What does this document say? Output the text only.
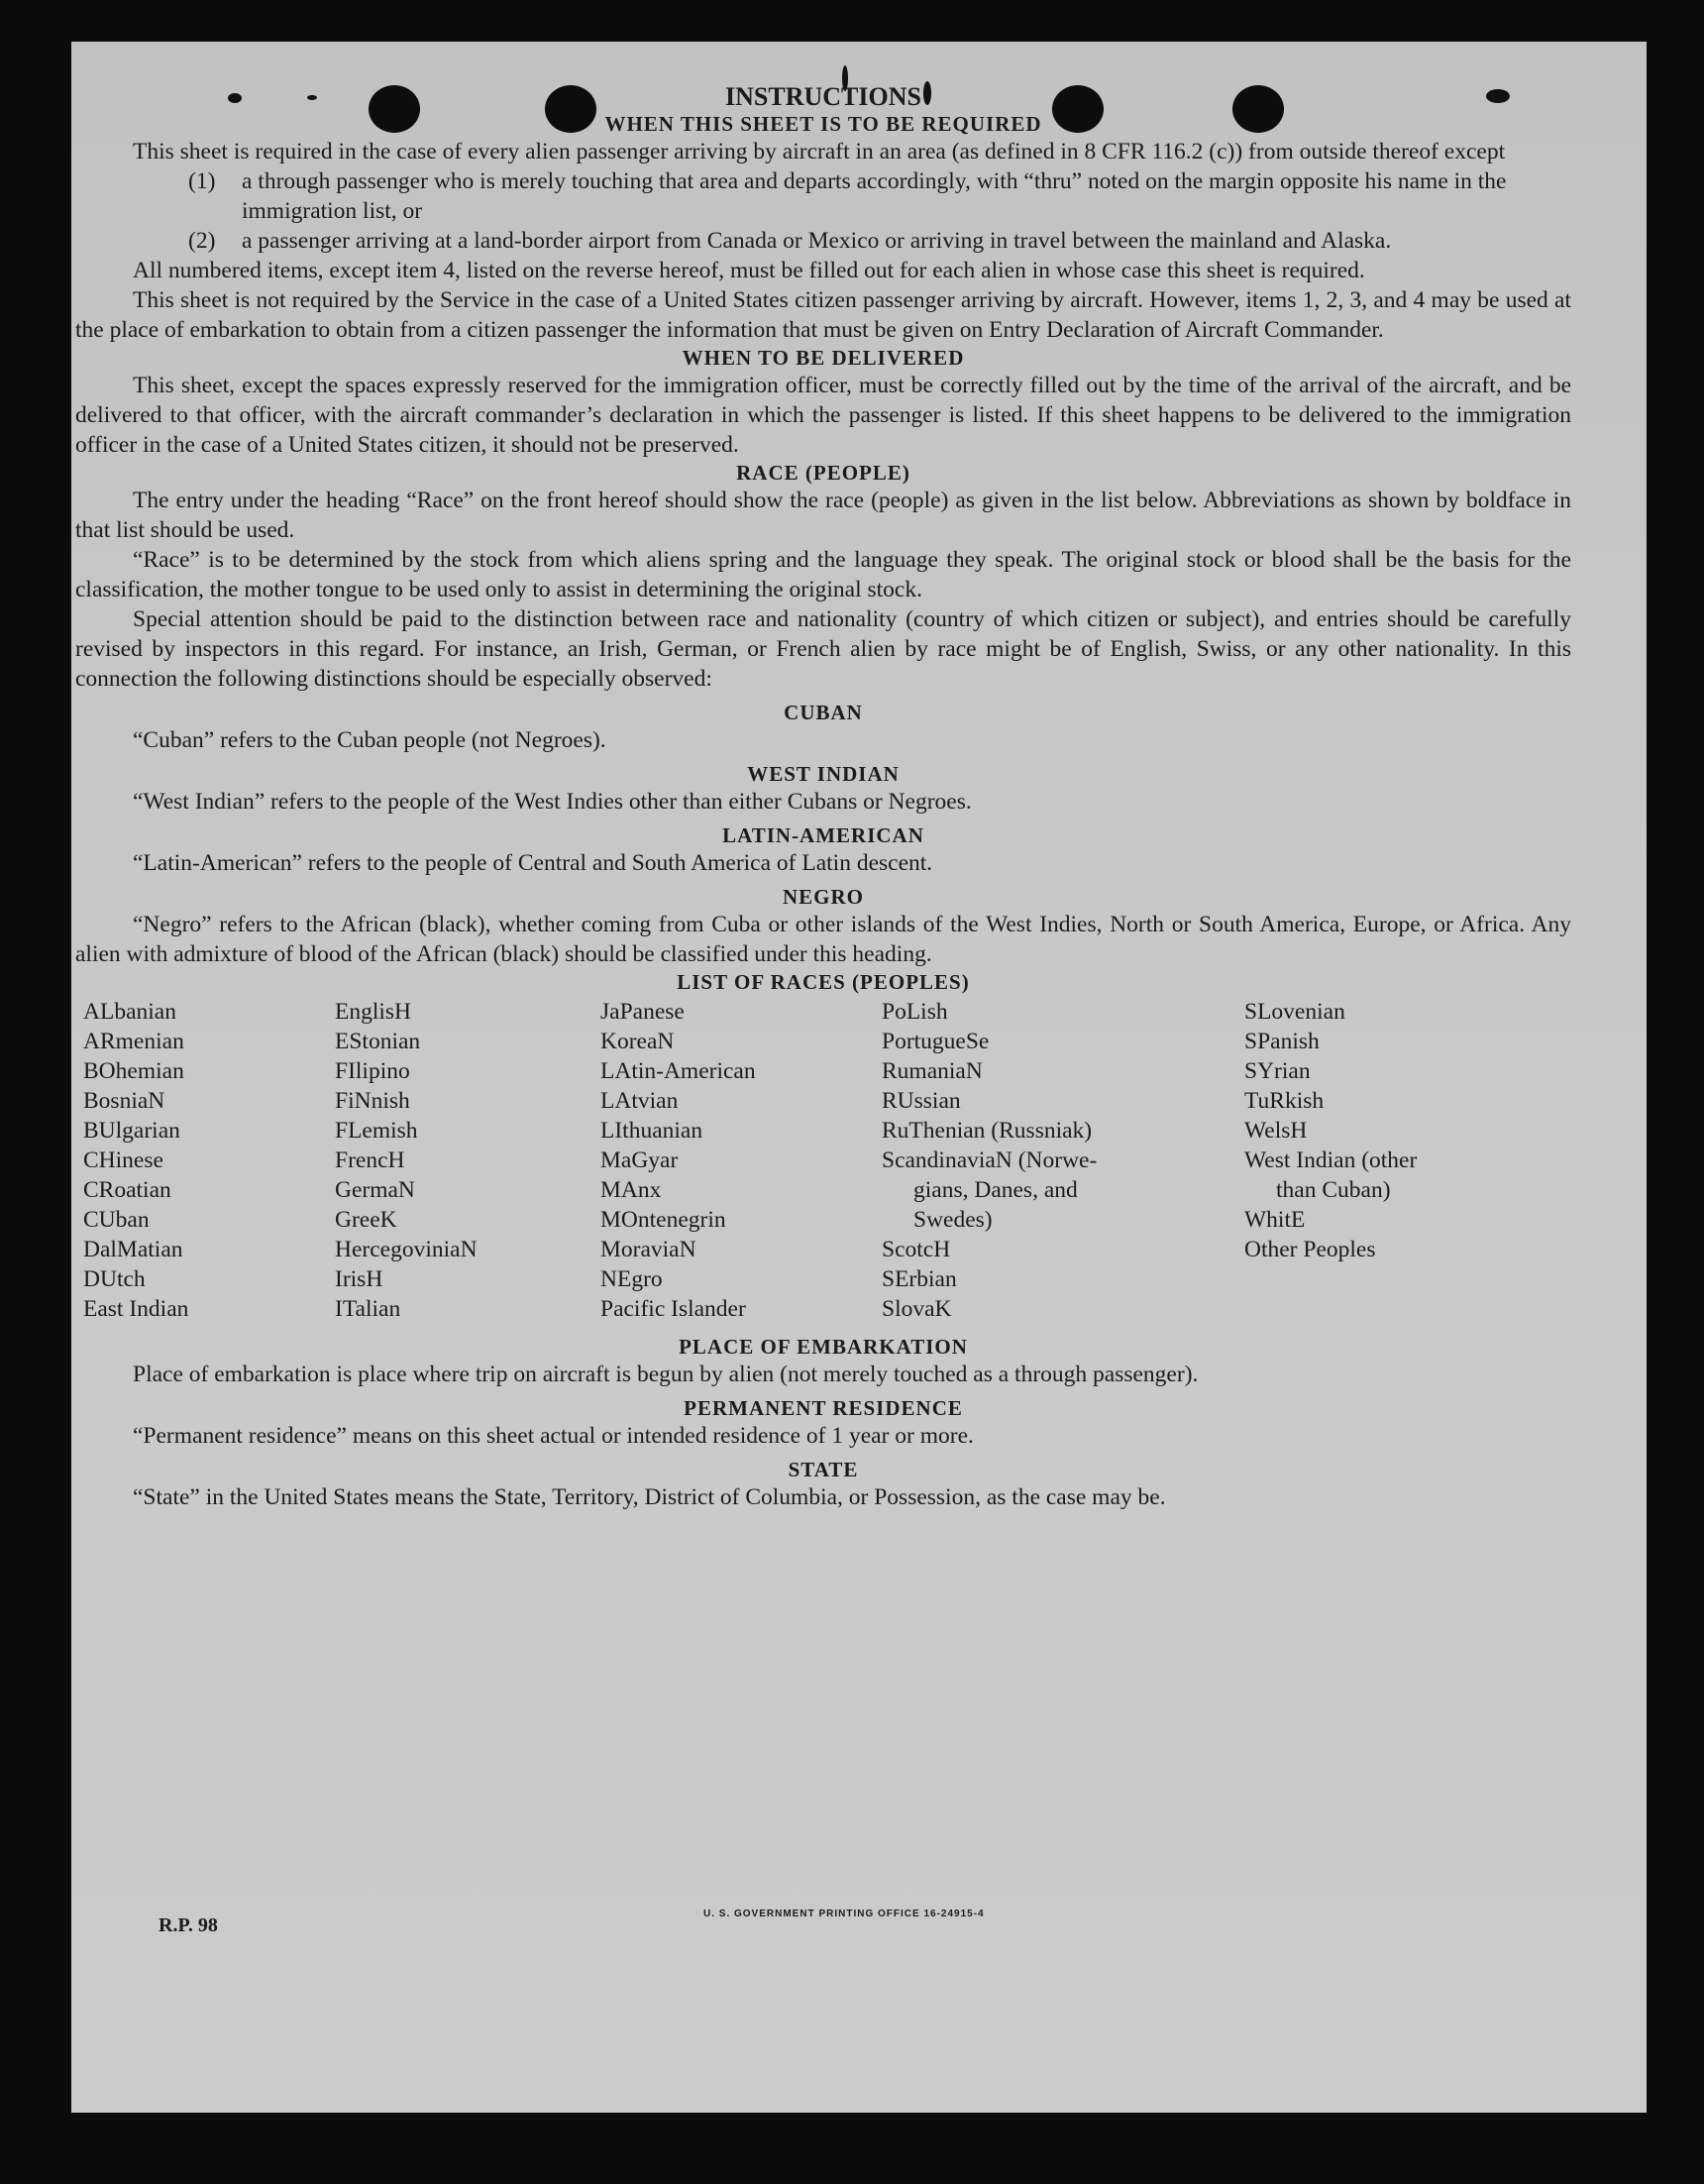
INSTRUCTIONS
WHEN THIS SHEET IS TO BE REQUIRED

This sheet is required in the case of every alien passenger arriving by aircraft in an area (as defined in 8 CFR 116.2 (c)) from outside thereof except

(1) a through passenger who is merely touching that area and departs accordingly, with “thru” noted on the margin opposite his name in the immigration list, or
(2) a passenger arriving at a land-border airport from Canada or Mexico or arriving in travel between the mainland and Alaska.

All numbered items, except item 4, listed on the reverse hereof, must be filled out for each alien in whose case this sheet is required.

This sheet is not required by the Service in the case of a United States citizen passenger arriving by aircraft. However, items 1, 2, 3, and 4 may be used at the place of embarkation to obtain from a citizen passenger the information that must be given on Entry Declaration of Aircraft Commander.

WHEN TO BE DELIVERED

This sheet, except the spaces expressly reserved for the immigration officer, must be correctly filled out by the time of the arrival of the aircraft, and be delivered to that officer, with the aircraft commander’s declaration in which the passenger is listed. If this sheet happens to be delivered to the immigration officer in the case of a United States citizen, it should not be preserved.

RACE (PEOPLE)

The entry under the heading “Race” on the front hereof should show the race (people) as given in the list below. Abbreviations as shown by boldface in that list should be used.

“Race” is to be determined by the stock from which aliens spring and the language they speak. The original stock or blood shall be the basis for the classification, the mother tongue to be used only to assist in determining the original stock.

Special attention should be paid to the distinction between race and nationality (country of which citizen or subject), and entries should be carefully revised by inspectors in this regard. For instance, an Irish, German, or French alien by race might be of English, Swiss, or any other nationality. In this connection the following distinctions should be especially observed:

CUBAN

“Cuban” refers to the Cuban people (not Negroes).

WEST INDIAN

“West Indian” refers to the people of the West Indies other than either Cubans or Negroes.

LATIN-AMERICAN

“Latin-American” refers to the people of Central and South America of Latin descent.

NEGRO

“Negro” refers to the African (black), whether coming from Cuba or other islands of the West Indies, North or South America, Europe, or Africa. Any alien with admixture of blood of the African (black) should be classified under this heading.

LIST OF RACES (PEOPLES)
ALbanian
ARmenian
BOhemian
BosniaN
BUlgarian
CHinese
CRoatian
CUban
DalMatian
DUtch
East Indian
EnglisH
EStonian
FIlipino
FiNnish
FLemish
FrencH
GermaN
GreeK
HercegoviniaN
IrisH
ITalian
JaPanese
KoreaN
LAtin-American
LAtvian
LIthuanian
MaGyar
MAnx
MOntenegrin
MoraviaN
NEgro
Pacific Islander
PoLish
PortugueSe
RumaniaN
RUssian
RuThenian (Russniak)
ScandinaviaN (Norwe-
gians, Danes, and
Swedes)
ScotcH
SErbian
SlovaK
SLovenian
SPanish
SYrian
TuRkish
WelsH
West Indian (other
than Cuban)
WhitE
Other Peoples
PLACE OF EMBARKATION

Place of embarkation is place where trip on aircraft is begun by alien (not merely touched as a through passenger).

PERMANENT RESIDENCE

“Permanent residence” means on this sheet actual or intended residence of 1 year or more.

STATE

“State” in the United States means the State, Territory, District of Columbia, or Possession, as the case may be.

R.P. 98
U. S. GOVERNMENT PRINTING OFFICE 16-24915-4
